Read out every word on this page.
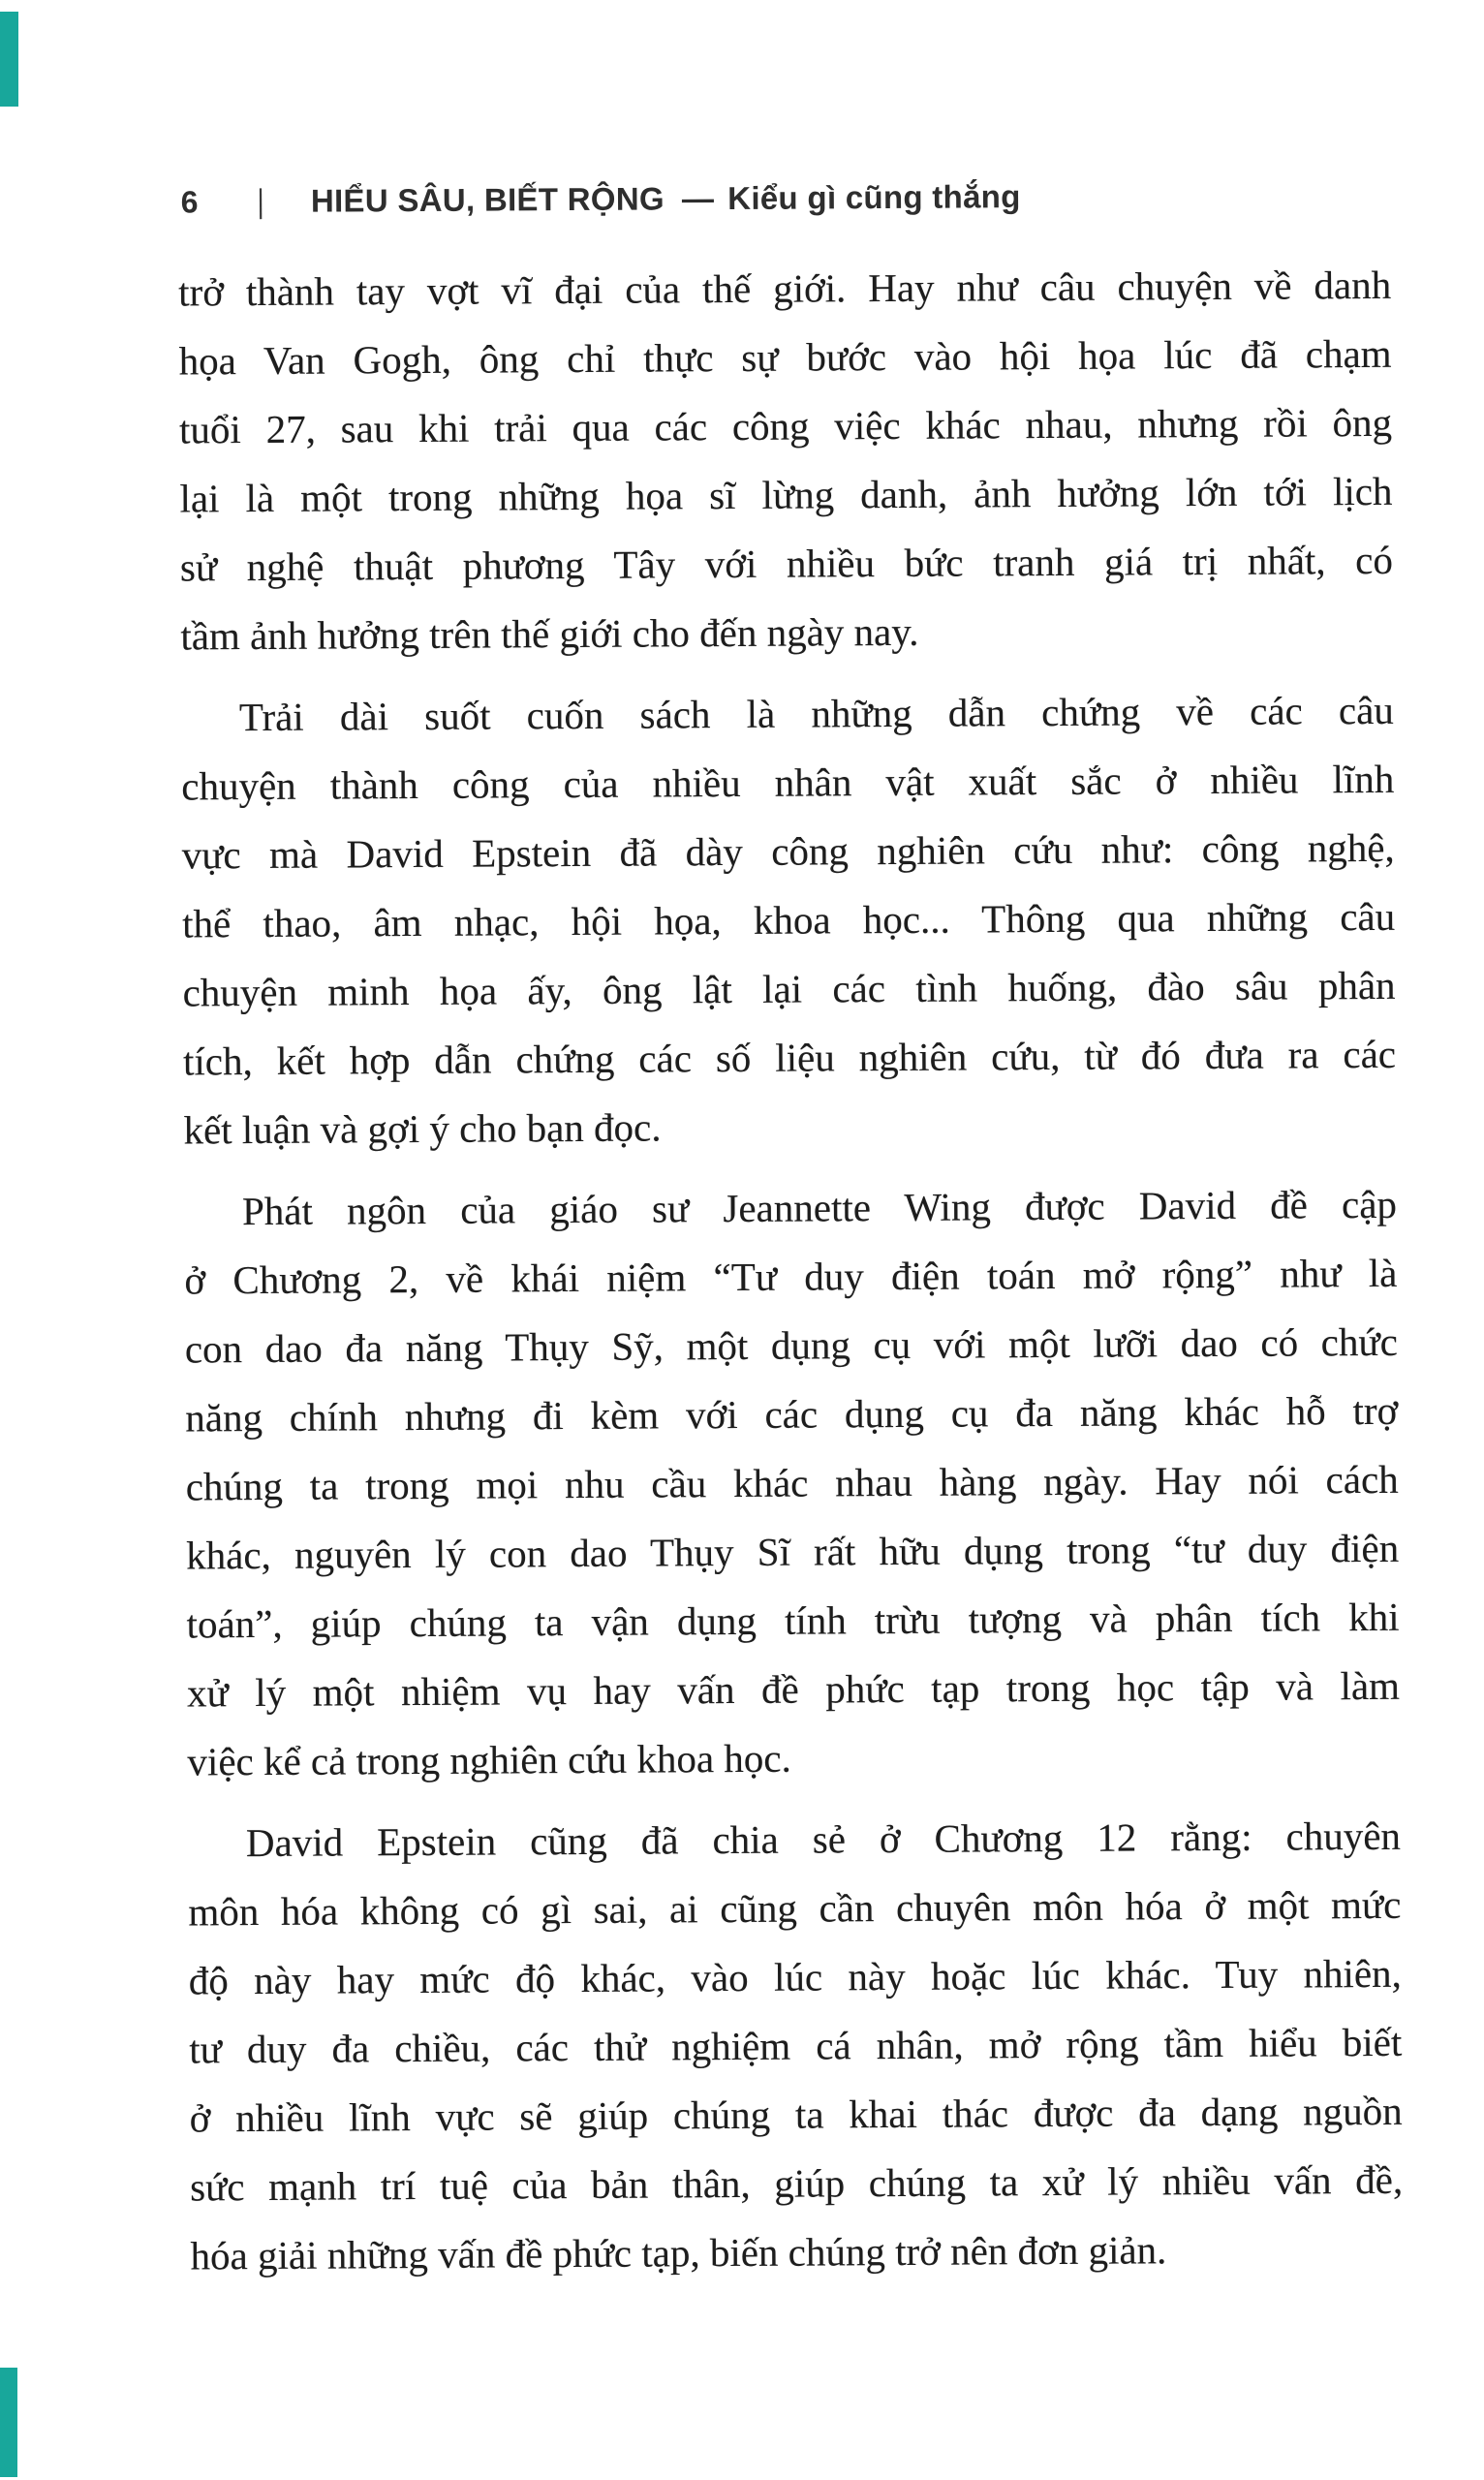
6 | HIỂU SÂU, BIẾT RỘNG — Kiểu gì cũng thắng
trở thành tay vợt vĩ đại của thế giới. Hay như câu chuyện về danh
họa Van Gogh, ông chỉ thực sự bước vào hội họa lúc đã chạm
tuổi 27, sau khi trải qua các công việc khác nhau, nhưng rồi ông
lại là một trong những họa sĩ lừng danh, ảnh hưởng lớn tới lịch
sử nghệ thuật phương Tây với nhiều bức tranh giá trị nhất, có
tầm ảnh hưởng trên thế giới cho đến ngày nay.
Trải dài suốt cuốn sách là những dẫn chứng về các câu
chuyện thành công của nhiều nhân vật xuất sắc ở nhiều lĩnh
vực mà David Epstein đã dày công nghiên cứu như: công nghệ,
thể thao, âm nhạc, hội họa, khoa học... Thông qua những câu
chuyện minh họa ấy, ông lật lại các tình huống, đào sâu phân
tích, kết hợp dẫn chứng các số liệu nghiên cứu, từ đó đưa ra các
kết luận và gợi ý cho bạn đọc.
Phát ngôn của giáo sư Jeannette Wing được David đề cập
ở Chương 2, về khái niệm “Tư duy điện toán mở rộng” như là
con dao đa năng Thụy Sỹ, một dụng cụ với một lưỡi dao có chức
năng chính nhưng đi kèm với các dụng cụ đa năng khác hỗ trợ
chúng ta trong mọi nhu cầu khác nhau hàng ngày. Hay nói cách
khác, nguyên lý con dao Thụy Sĩ rất hữu dụng trong “tư duy điện
toán”, giúp chúng ta vận dụng tính trừu tượng và phân tích khi
xử lý một nhiệm vụ hay vấn đề phức tạp trong học tập và làm
việc kể cả trong nghiên cứu khoa học.
David Epstein cũng đã chia sẻ ở Chương 12 rằng: chuyên
môn hóa không có gì sai, ai cũng cần chuyên môn hóa ở một mức
độ này hay mức độ khác, vào lúc này hoặc lúc khác. Tuy nhiên,
tư duy đa chiều, các thử nghiệm cá nhân, mở rộng tầm hiểu biết
ở nhiều lĩnh vực sẽ giúp chúng ta khai thác được đa dạng nguồn
sức mạnh trí tuệ của bản thân, giúp chúng ta xử lý nhiều vấn đề,
hóa giải những vấn đề phức tạp, biến chúng trở nên đơn giản.
